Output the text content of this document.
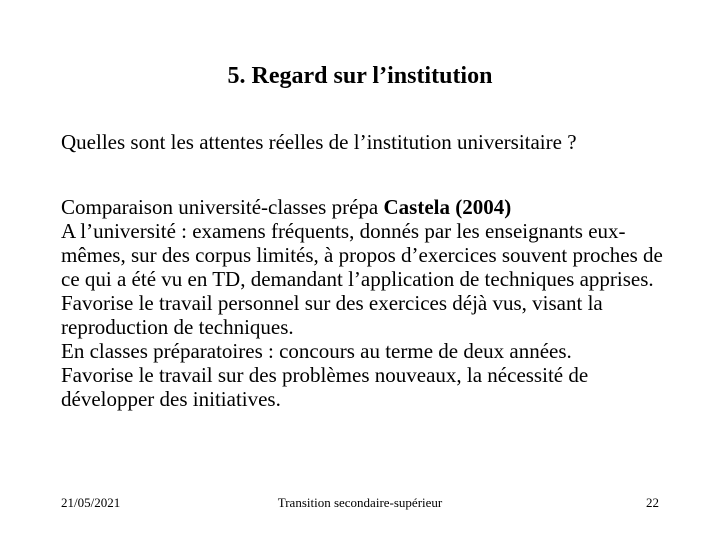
5. Regard sur l’institution
Quelles sont les attentes réelles de l’institution universitaire ?

Comparaison université-classes prépa Castela (2004)

A l’université : examens fréquents, donnés par les enseignants eux-mêmes, sur des corpus limités, à propos d’exercices souvent proches de ce qui a été vu en TD, demandant l’application de techniques apprises.

Favorise le travail personnel sur des exercices déjà vus, visant la reproduction de techniques.

En classes préparatoires : concours au terme de deux années.

Favorise le travail sur des problèmes nouveaux, la nécessité de développer des initiatives.

21/05/2021	Transition secondaire-supérieur	22
